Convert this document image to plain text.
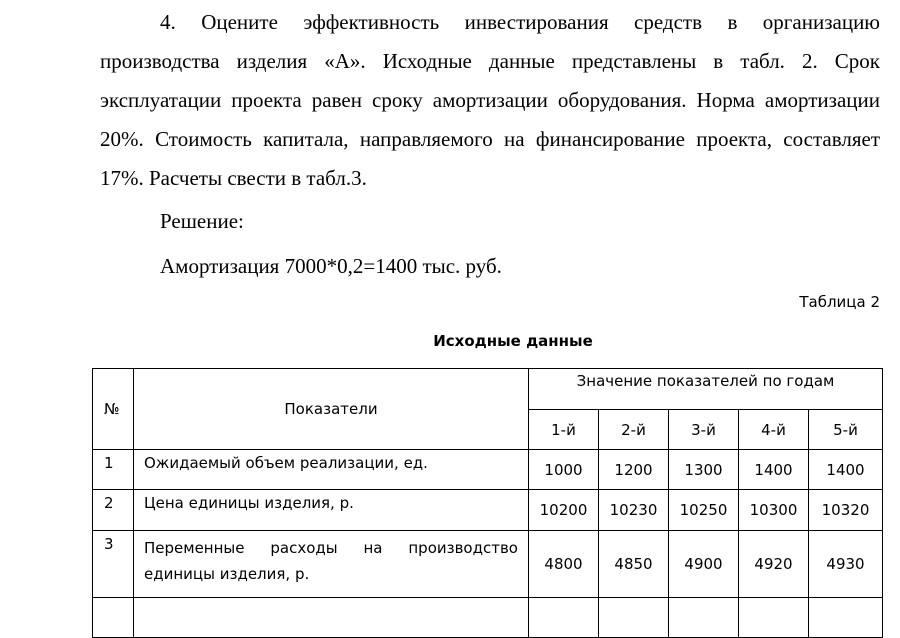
4. Оцените эффективность инвестирования средств в организацию производства изделия «А». Исходные данные представлены в табл. 2. Срок эксплуатации проекта равен сроку амортизации оборудования. Норма амортизации 20%. Стоимость капитала, направляемого на финансирование проекта, составляет 17%. Расчеты свести в табл.3.

Решение:

Амортизация 7000*0,2=1400 тыс. руб.

Таблица 2

Исходные данные

№	Показатели	Значение показателей по годам				
		1-й	2-й	3-й	4-й	5-й
1	Ожидаемый объем реализации, ед.	1000	1200	1300	1400	1400
2	Цена единицы изделия, р.	10200	10230	10250	10300	10320
3	Переменные расходы на производство единицы изделия, р.	4800	4850	4900	4920	4930
